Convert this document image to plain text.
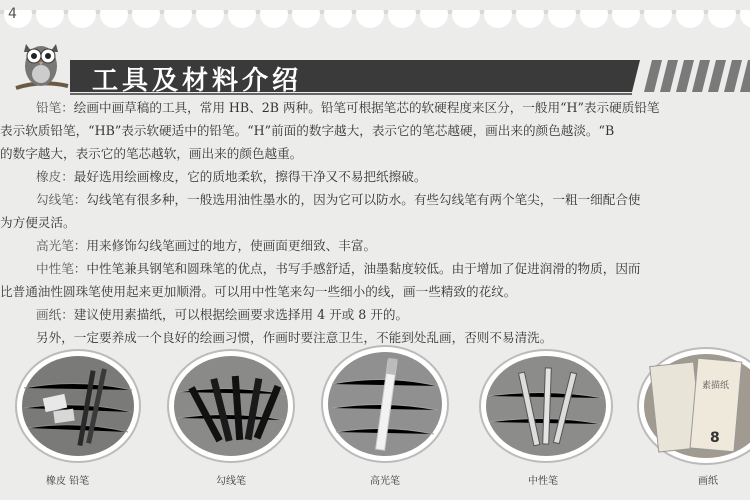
4
工具及材料介绍

铅笔：绘画中画草稿的工具，常用 HB、2B 两种。铅笔可根据笔芯的软硬程度来区分，一般用“H”表示硬质铅笔

表示软质铅笔，“HB”表示软硬适中的铅笔。“H”前面的数字越大，表示它的笔芯越硬，画出来的颜色越淡。“B

的数字越大，表示它的笔芯越软，画出来的颜色越重。

橡皮：最好选用绘画橡皮，它的质地柔软，擦得干净又不易把纸擦破。

勾线笔：勾线笔有很多种，一般选用油性墨水的，因为它可以防水。有些勾线笔有两个笔尖，一粗一细配合使

为方便灵活。

高光笔：用来修饰勾线笔画过的地方，使画面更细致、丰富。

中性笔：中性笔兼具钢笔和圆珠笔的优点，书写手感舒适，油墨黏度较低。由于增加了促进润滑的物质，因而

比普通油性圆珠笔使用起来更加顺滑。可以用中性笔来勾一些细小的线，画一些精致的花纹。

画纸：建议使用素描纸，可以根据绘画要求选择用 4 开或 8 开的。

另外，一定要养成一个良好的绘画习惯，作画时要注意卫生，不能到处乱画，否则不易清洗。

素描纸
8
橡皮 铅笔	勾线笔	高光笔	中性笔	画纸
